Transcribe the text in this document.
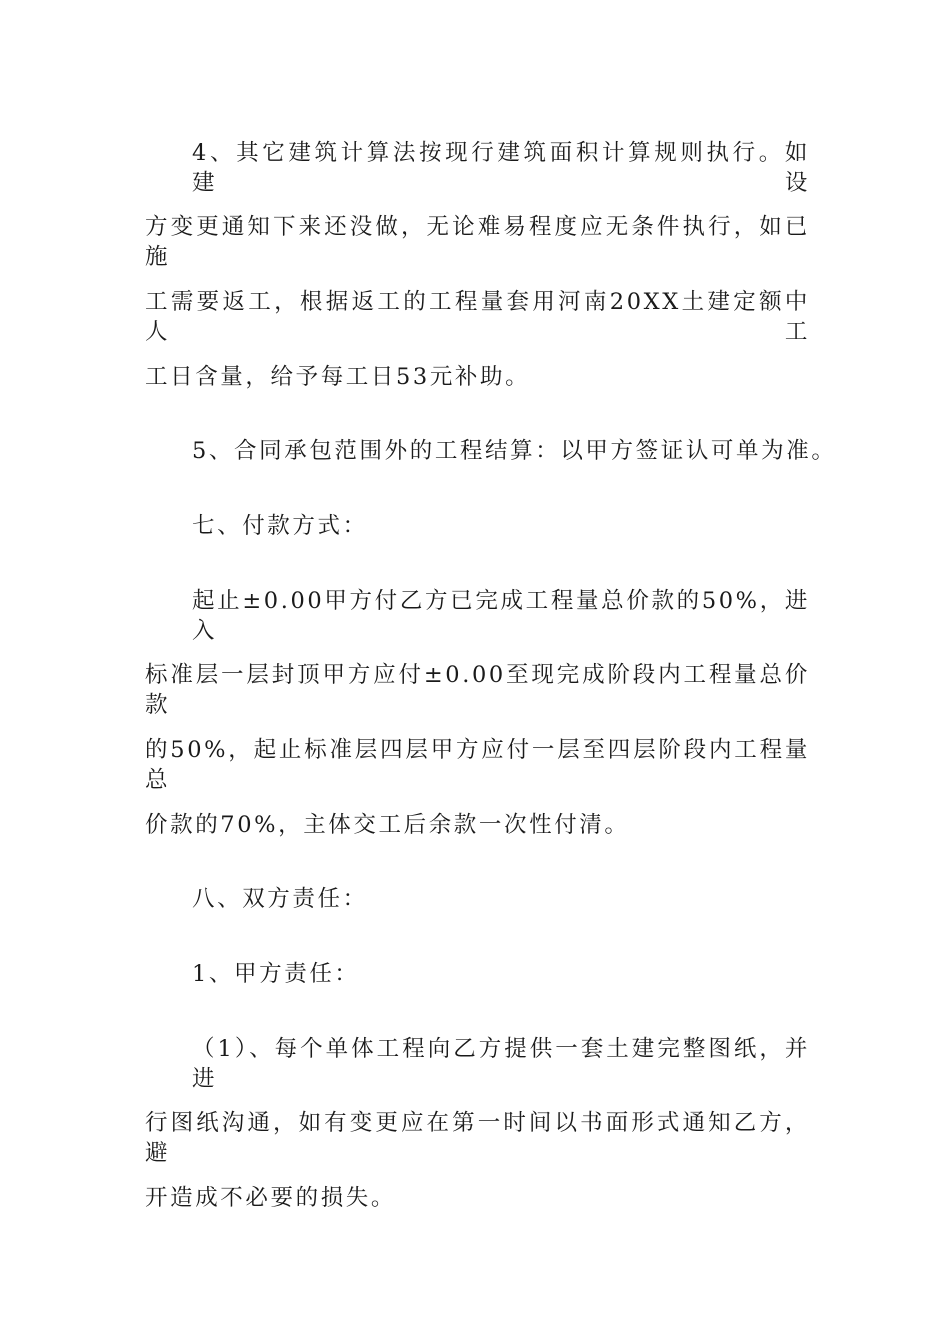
4、其它建筑计算法按现行建筑面积计算规则执行。如建设
方变更通知下来还没做，无论难易程度应无条件执行，如已施
工需要返工，根据返工的工程量套用河南20XX土建定额中人工
工日含量，给予每工日53元补助。
5、合同承包范围外的工程结算：以甲方签证认可单为准。
七、付款方式：
起止±0.00甲方付乙方已完成工程量总价款的50%，进入
标准层一层封顶甲方应付±0.00至现完成阶段内工程量总价款
的50%，起止标准层四层甲方应付一层至四层阶段内工程量总
价款的70%，主体交工后余款一次性付清。
八、双方责任：
1、甲方责任：
（1）、每个单体工程向乙方提供一套土建完整图纸，并进
行图纸沟通，如有变更应在第一时间以书面形式通知乙方，避
开造成不必要的损失。
